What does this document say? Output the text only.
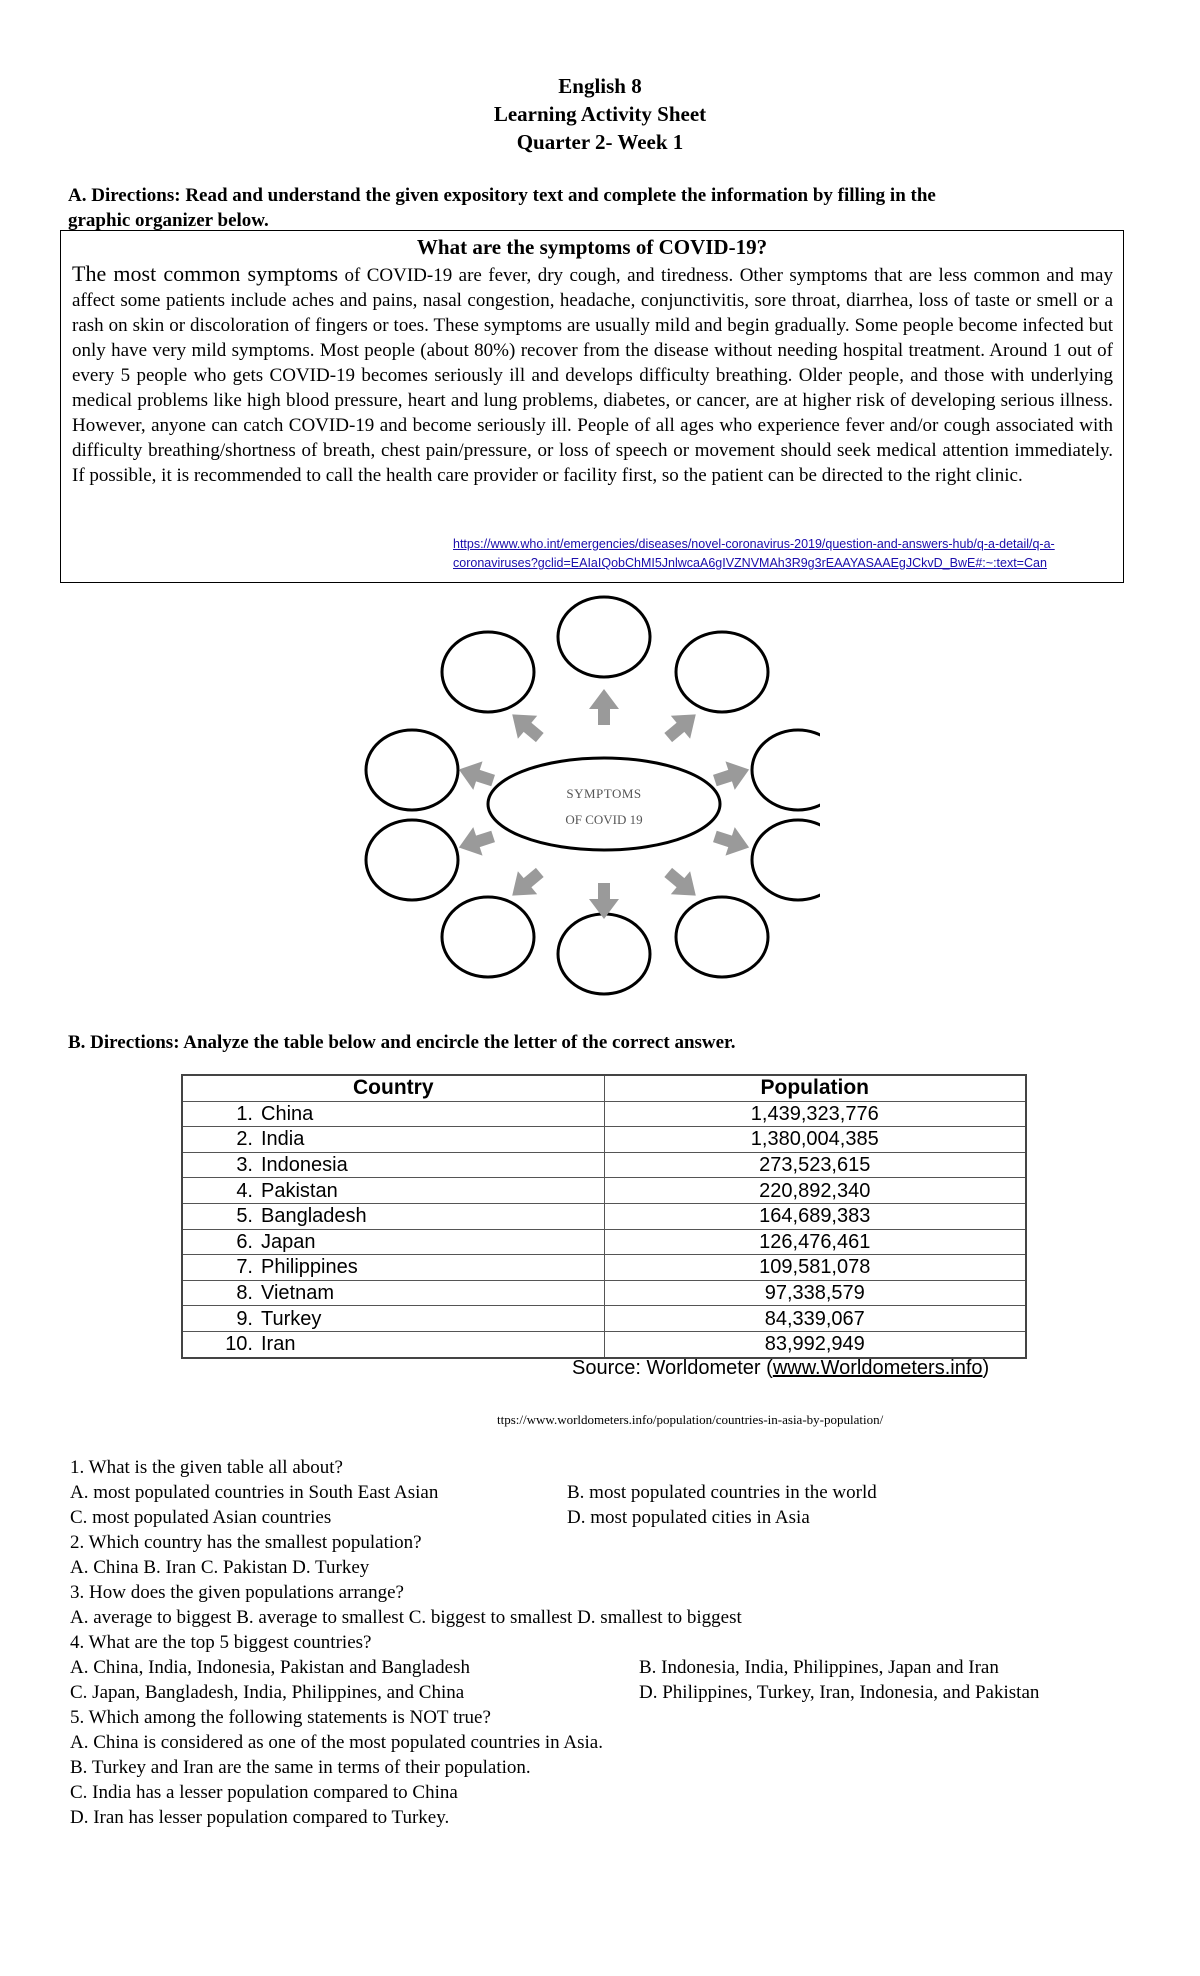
English 8
Learning Activity Sheet
Quarter 2- Week 1
A. Directions: Read and understand the given expository text and complete the information by filling in the
graphic organizer below.
What are the symptoms of COVID-19?
The most common symptoms of COVID-19 are fever, dry cough, and tiredness. Other symptoms that are less common and may affect some patients include aches and pains, nasal congestion, headache, conjunctivitis, sore throat, diarrhea, loss of taste or smell or a rash on skin or discoloration of fingers or toes. These symptoms are usually mild and begin gradually. Some people become infected but only have very mild symptoms. Most people (about 80%) recover from the disease without needing hospital treatment. Around 1 out of every 5 people who gets COVID-19 becomes seriously ill and develops difficulty breathing. Older people, and those with underlying medical problems like high blood pressure, heart and lung problems, diabetes, or cancer, are at higher risk of developing serious illness. However, anyone can catch COVID-19 and become seriously ill. People of all ages who experience fever and/or cough associated with difficulty breathing/shortness of breath, chest pain/pressure, or loss of speech or movement should seek medical attention immediately. If possible, it is recommended to call the health care provider or facility first, so the patient can be directed to the right clinic.
https://www.who.int/emergencies/diseases/novel-coronavirus-2019/question-and-answers-hub/q-a-detail/q-a-
coronaviruses?gclid=EAIaIQobChMI5JnlwcaA6gIVZNVMAh3R9g3rEAAYASAAEgJCkvD_BwE#:~:text=Can
SYMPTOMS
OF COVID 19
B. Directions: Analyze the table below and encircle the letter of the correct answer.
Country	Population
1. China	1,439,323,776
2. India	1,380,004,385
3. Indonesia	273,523,615
4. Pakistan	220,892,340
5. Bangladesh	164,689,383
6. Japan	126,476,461
7. Philippines	109,581,078
8. Vietnam	97,338,579
9. Turkey	84,339,067
10. Iran	83,992,949
Source: Worldometer (www.Worldometers.info)
ttps://www.worldometers.info/population/countries-in-asia-by-population/
1. What is the given table all about?
A. most populated countries in South East Asian	B. most populated countries in the world
C. most populated Asian countries	D. most populated cities in Asia
2. Which country has the smallest population?
A. China B. Iran C. Pakistan D. Turkey
3. How does the given populations arrange?
A. average to biggest B. average to smallest C. biggest to smallest D. smallest to biggest
4. What are the top 5 biggest countries?
A. China, India, Indonesia, Pakistan and Bangladesh	B. Indonesia, India, Philippines, Japan and Iran
C. Japan, Bangladesh, India, Philippines, and China	D. Philippines, Turkey, Iran, Indonesia, and Pakistan
5. Which among the following statements is NOT true?
A. China is considered as one of the most populated countries in Asia.
B. Turkey and Iran are the same in terms of their population.
C. India has a lesser population compared to China
D. Iran has lesser population compared to Turkey.
